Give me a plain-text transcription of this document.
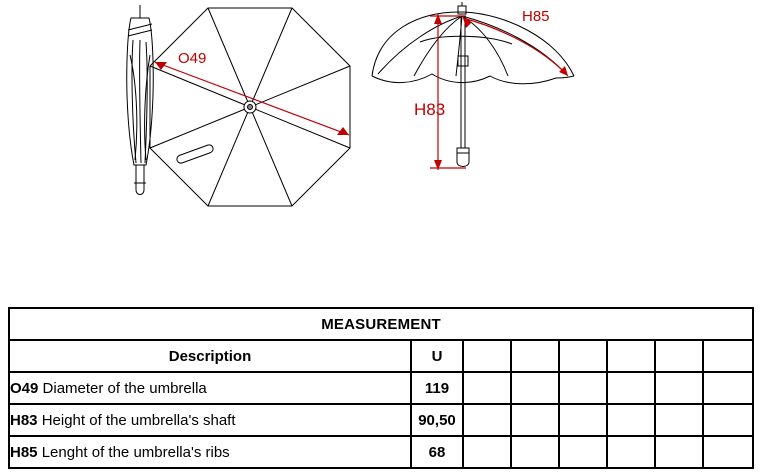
O49
H85
H83
MEASUREMENT							
Description	U						
O49 Diameter of the umbrella	119						
H83 Height of the umbrella's shaft	90,50						
H85 Lenght of the umbrella's ribs	68						
